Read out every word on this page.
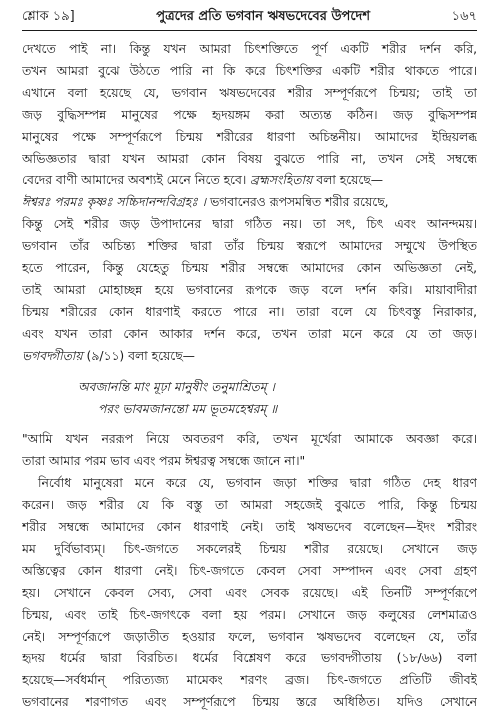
শ্লোক ১৯]	পুত্রদের প্রতি ভগবান ঋষভদেবের উপদেশ	১৬৭
দেখতে পাই না। কিন্তু যখন আমরা চিৎশক্তিতে পূর্ণ একটি শরীর দর্শন করি,
তখন আমরা বুঝে উঠতে পারি না কি করে চিৎশক্তির একটি শরীর থাকতে পারে।
এখানে বলা হয়েছে যে, ভগবান ঋষভদেবের শরীর সম্পূর্ণরূপে চিন্ময়; তাই তা
জড় বুদ্ধিসম্পন্ন মানুষের পক্ষে হৃদয়ঙ্গম করা অত্যন্ত কঠিন। জড় বুদ্ধিসম্পন্ন
মানুষের পক্ষে সম্পূর্ণরূপে চিন্ময় শরীরের ধারণা অচিন্তনীয়। আমাদের ইন্দ্রিয়লব্ধ
অভিজ্ঞতার দ্বারা যখন আমরা কোন বিষয় বুঝতে পারি না, তখন সেই সম্বন্ধে
বেদের বাণী আমাদের অবশ্যই মেনে নিতে হবে। ব্রহ্মসংহিতায় বলা হয়েছে—
ঈশ্বরঃ পরমঃ কৃষ্ণঃ সচ্চিদানন্দবিগ্রহঃ । ভগবানেরও রূপসমন্বিত শরীর রয়েছে,
কিন্তু সেই শরীর জড় উপাদানের দ্বারা গঠিত নয়। তা সৎ, চিৎ এবং আনন্দময়।
ভগবান তাঁর অচিন্ত্য শক্তির দ্বারা তাঁর চিন্ময় স্বরূপে আমাদের সম্মুখে উপস্থিত
হতে পারেন, কিন্তু যেহেতু চিন্ময় শরীর সম্বন্ধে আমাদের কোন অভিজ্ঞতা নেই,
তাই আমরা মোহাচ্ছন্ন হয়ে ভগবানের রূপকে জড় বলে দর্শন করি। মায়াবাদীরা
চিন্ময় শরীরের কোন ধারণাই করতে পারে না। তারা বলে যে চিৎবস্তু নিরাকার,
এবং যখন তারা কোন আকার দর্শন করে, তখন তারা মনে করে যে তা জড়।
ভগবদ্গীতায় (৯/১১) বলা হয়েছে—
অবজানন্তি মাং মূঢ়া মানুষীং তনুমাশ্রিতম্ ।
পরং ভাবমজানন্তো মম ভূতমহেশ্বরম্ ॥
"আমি যখন নররূপ নিয়ে অবতরণ করি, তখন মূর্খেরা আমাকে অবজ্ঞা করে।
তারা আমার পরম ভাব এবং পরম ঈশ্বরত্ব সম্বন্ধে জানে না।"
নির্বোধ মানুষেরা মনে করে যে, ভগবান জড়া শক্তির দ্বারা গঠিত দেহ ধারণ
করেন। জড় শরীর যে কি বস্তু তা আমরা সহজেই বুঝতে পারি, কিন্তু চিন্ময়
শরীর সম্বন্ধে আমাদের কোন ধারণাই নেই। তাই ঋষভদেব বলেছেন—ইদং শরীরং
মম দুর্বিভাব্যম্। চিৎ-জগতে সকলেরই চিন্ময় শরীর রয়েছে। সেখানে জড়
অস্তিত্বের কোন ধারণা নেই। চিৎ-জগতে কেবল সেবা সম্পাদন এবং সেবা গ্রহণ
হয়। সেখানে কেবল সেব্য, সেবা এবং সেবক রয়েছে। এই তিনটি সম্পূর্ণরূপে
চিন্ময়, এবং তাই চিৎ-জগৎকে বলা হয় পরম। সেখানে জড় কলুষের লেশমাত্রও
নেই। সম্পূর্ণরূপে জড়াতীত হওয়ার ফলে, ভগবান ঋষভদেব বলেছেন যে, তাঁর
হৃদয় ধর্মের দ্বারা বিরচিত। ধর্মের বিশ্লেষণ করে ভগবদ্গীতায় (১৮/৬৬) বলা
হয়েছে—সর্বধর্মান্ পরিত্যজ্য মামেকং শরণং ব্রজ। চিৎ-জগতে প্রতিটি জীবই
ভগবানের শরণাগত এবং সম্পূর্ণরূপে চিন্ময় স্তরে অধিষ্ঠিত। যদিও সেখানে
